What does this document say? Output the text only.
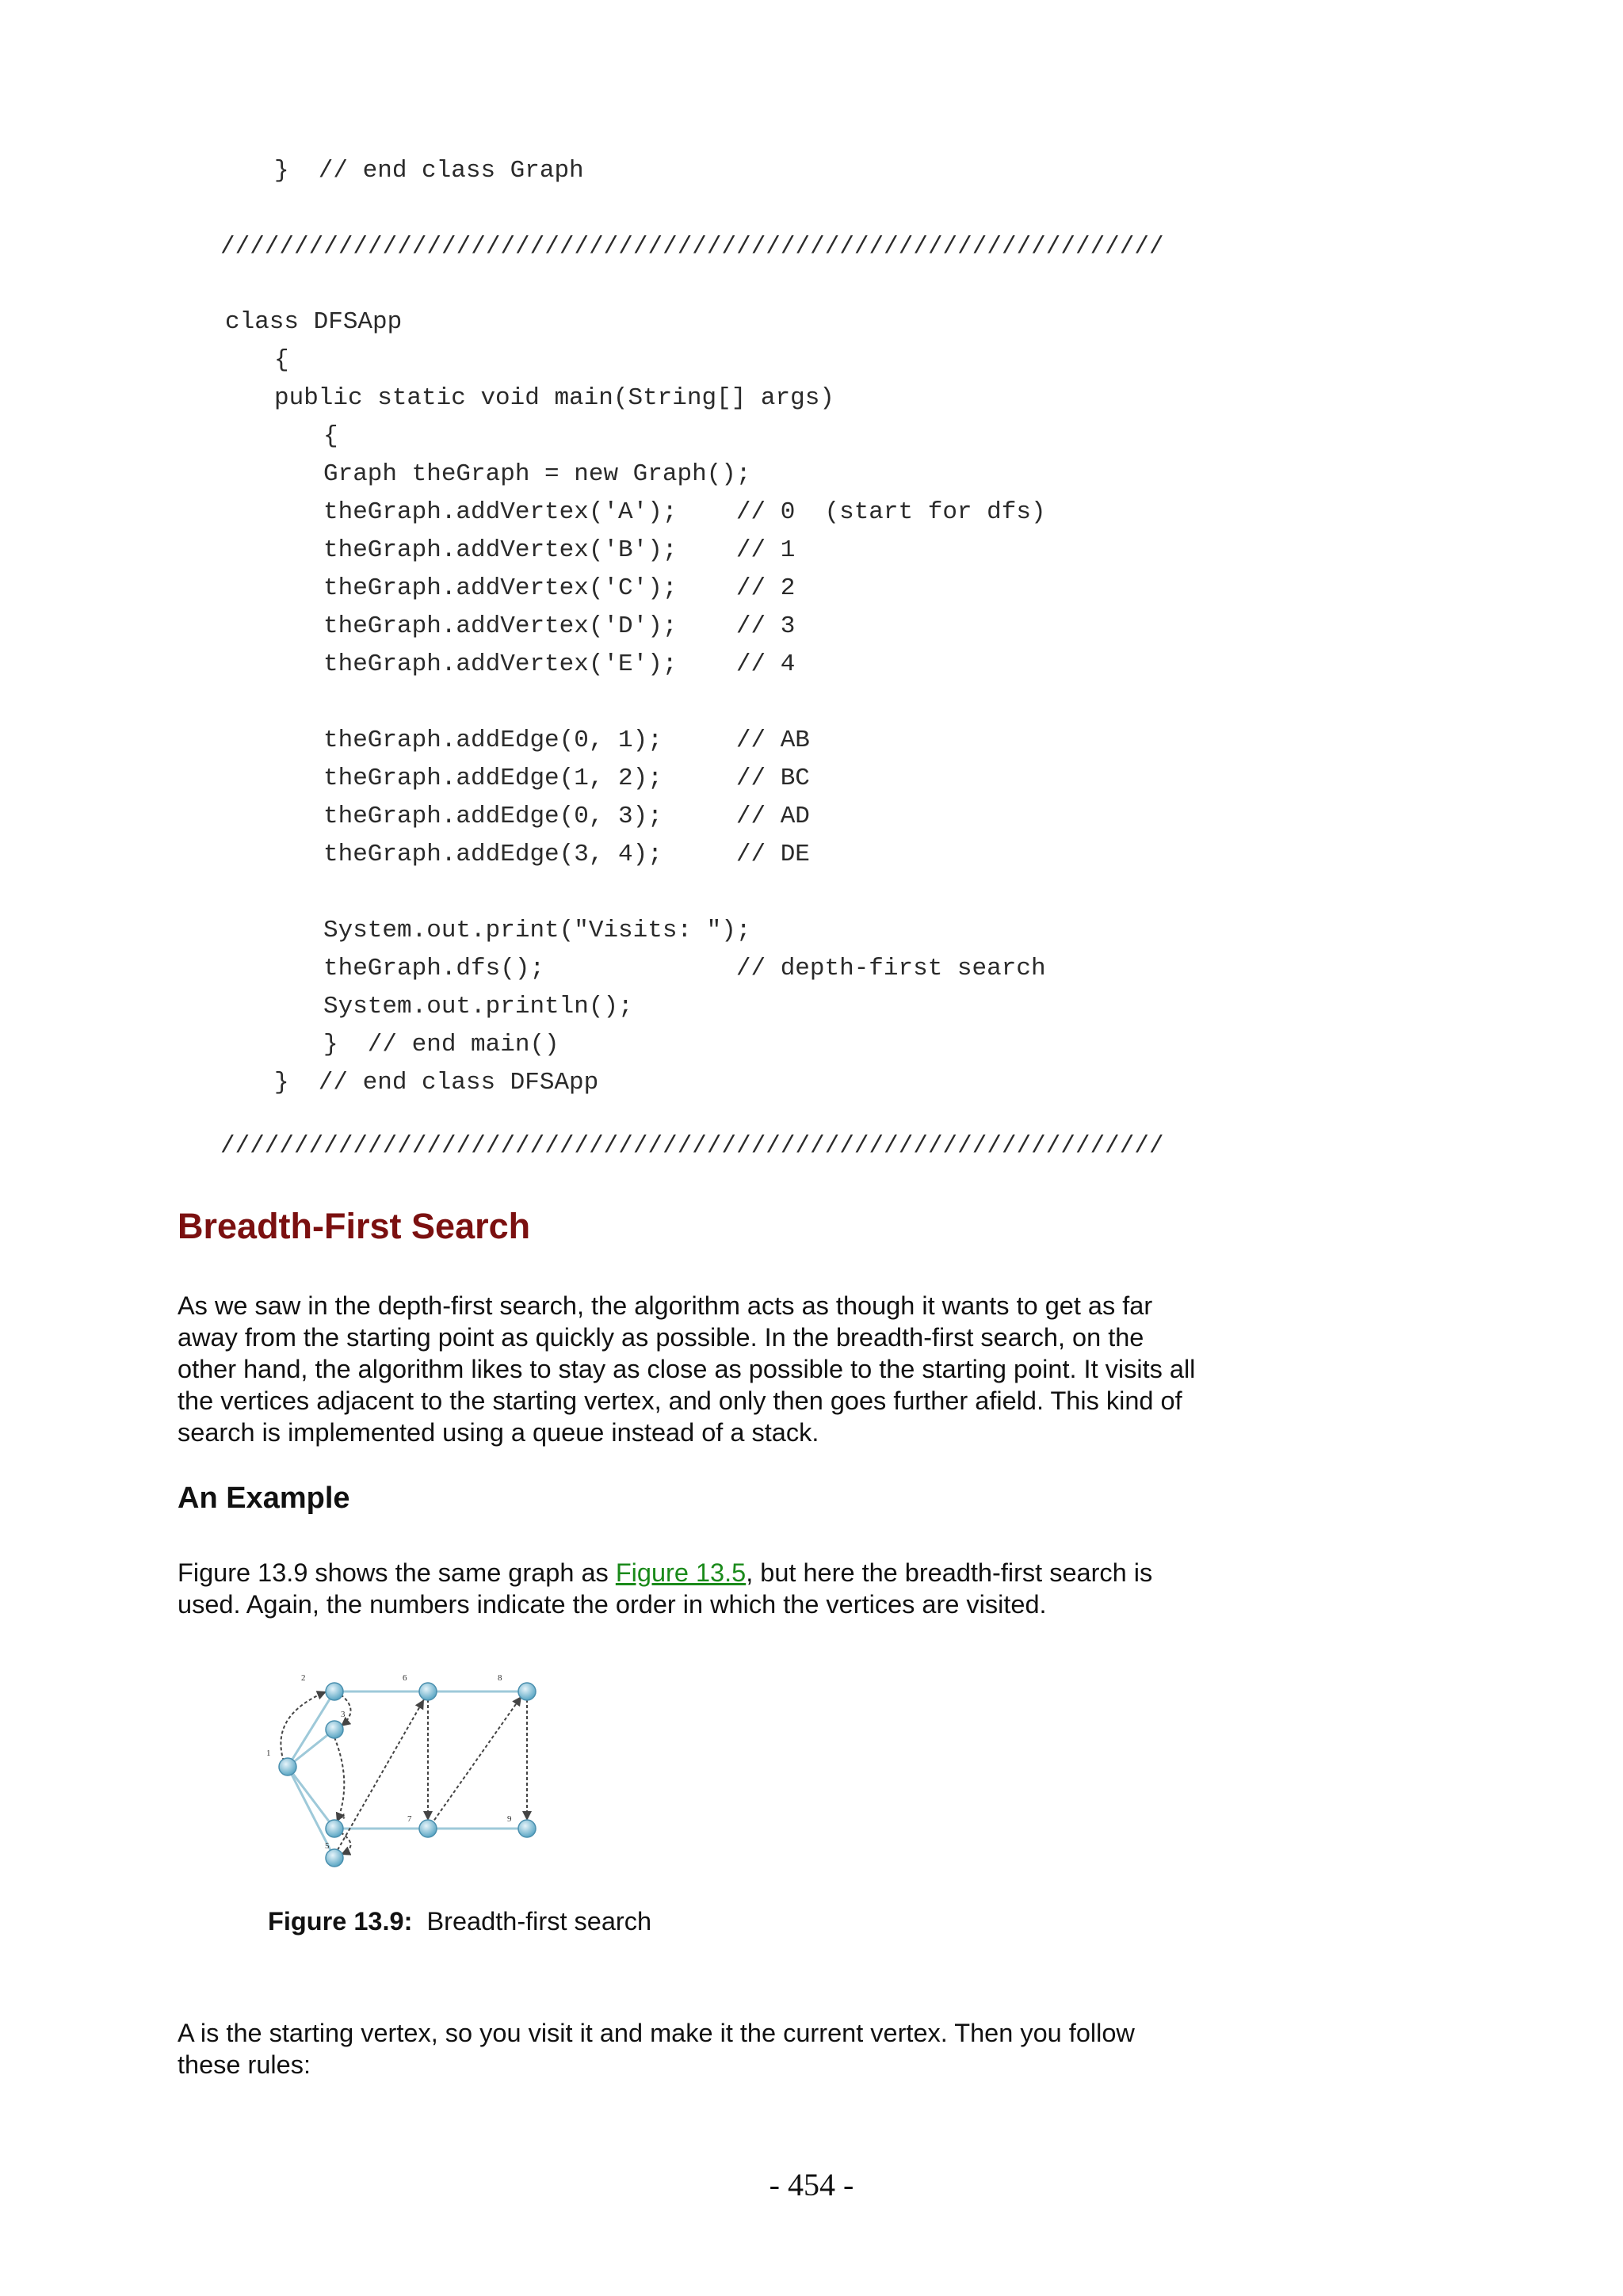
}  // end class Graph

////////////////////////////////////////////////////////////////

class DFSApp

{

public static void main(String[] args)

{

Graph theGraph = new Graph();

theGraph.addVertex('A');    // 0  (start for dfs)

theGraph.addVertex('B');    // 1

theGraph.addVertex('C');    // 2

theGraph.addVertex('D');    // 3

theGraph.addVertex('E');    // 4

theGraph.addEdge(0, 1);     // AB

theGraph.addEdge(1, 2);     // BC

theGraph.addEdge(0, 3);     // AD

theGraph.addEdge(3, 4);     // DE

System.out.print("Visits: ");

theGraph.dfs();             // depth-first search

System.out.println();

}  // end main()

}  // end class DFSApp

////////////////////////////////////////////////////////////////

Breadth-First Search
As we saw in the depth-first search, the algorithm acts as though it wants to get as far
away from the starting point as quickly as possible. In the breadth-first search, on the
other hand, the algorithm likes to stay as close as possible to the starting point. It visits all
the vertices adjacent to the starting vertex, and only then goes further afield. This kind of
search is implemented using a queue instead of a stack.
An Example
Figure 13.9 shows the same graph as Figure 13.5, but here the breadth-first search is
used. Again, the numbers indicate the order in which the vertices are visited.
1
2
3
4
5
6
7
8
9
Figure 13.9: Breadth-first search
A is the starting vertex, so you visit it and make it the current vertex. Then you follow
these rules:
- 454 -
